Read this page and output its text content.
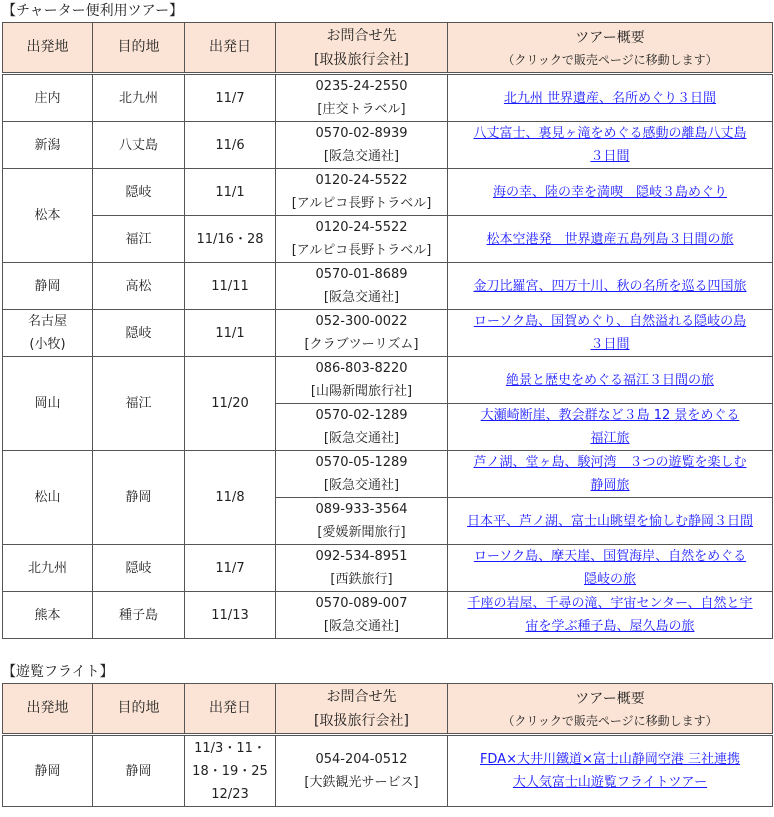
【チャーター便利用ツアー】
出発地	目的地	出発日	お問合せ先
[取扱旅行会社]	ツアー概要
（クリックで販売ページに移動します）

庄内	北九州	11/7	0235-24-2550
[庄交トラベル]	北九州 世界遺産、名所めぐり３日間
新潟	八丈島	11/6	0570-02-8939
[阪急交通社]	八丈富士、裏見ヶ滝をめぐる感動の離島八丈島
３日間

松本	隠岐	11/1	0120-24-5522
[アルピコ長野トラベル]	海の幸、陸の幸を満喫　隠岐３島めぐり
	福江	11/16・28	0120-24-5522
[アルピコ長野トラベル]	松本空港発　世界遺産五島列島３日間の旅
静岡	高松	11/11	0570-01-8689
[阪急交通社]	金刀比羅宮、四万十川、秋の名所を巡る四国旅

名古屋
(小牧)	隠岐	11/1	052-300-0022
[クラブツーリズム]	ローソク島、国賀めぐり、自然溢れる隠岐の島
３日間
岡山	福江	11/20	086-803-8220
[山陽新聞旅行社]	絶景と歴史をめぐる福江３日間の旅

			0570-02-1289
[阪急交通社]	大瀬崎断崖、教会群など３島 12 景をめぐる
福江旅
松山	静岡	11/8	0570-05-1289
[阪急交通社]	芦ノ湖、堂ヶ島、駿河湾　３つの遊覧を楽しむ
静岡旅

			089-933-3564
[愛媛新聞旅行]	日本平、芦ノ湖、富士山眺望を愉しむ静岡３日間
北九州	隠岐	11/7	092-534-8951
[西鉄旅行]	ローソク島、摩天崖、国賀海岸、自然をめぐる
隠岐の旅
熊本	種子島	11/13	0570-089-007
[阪急交通社]	千座の岩屋、千尋の滝、宇宙センター、自然と宇
宙を学ぶ種子島、屋久島の旅
【遊覧フライト】
出発地	目的地	出発日	お問合せ先
[取扱旅行会社]	ツアー概要
（クリックで販売ページに移動します）

静岡	静岡	11/3・11・
18・19・25
12/23	054-204-0512
[大鉄観光サービス]	FDA×大井川鐵道×富士山静岡空港 三社連携
大人気富士山遊覧フライトツアー
